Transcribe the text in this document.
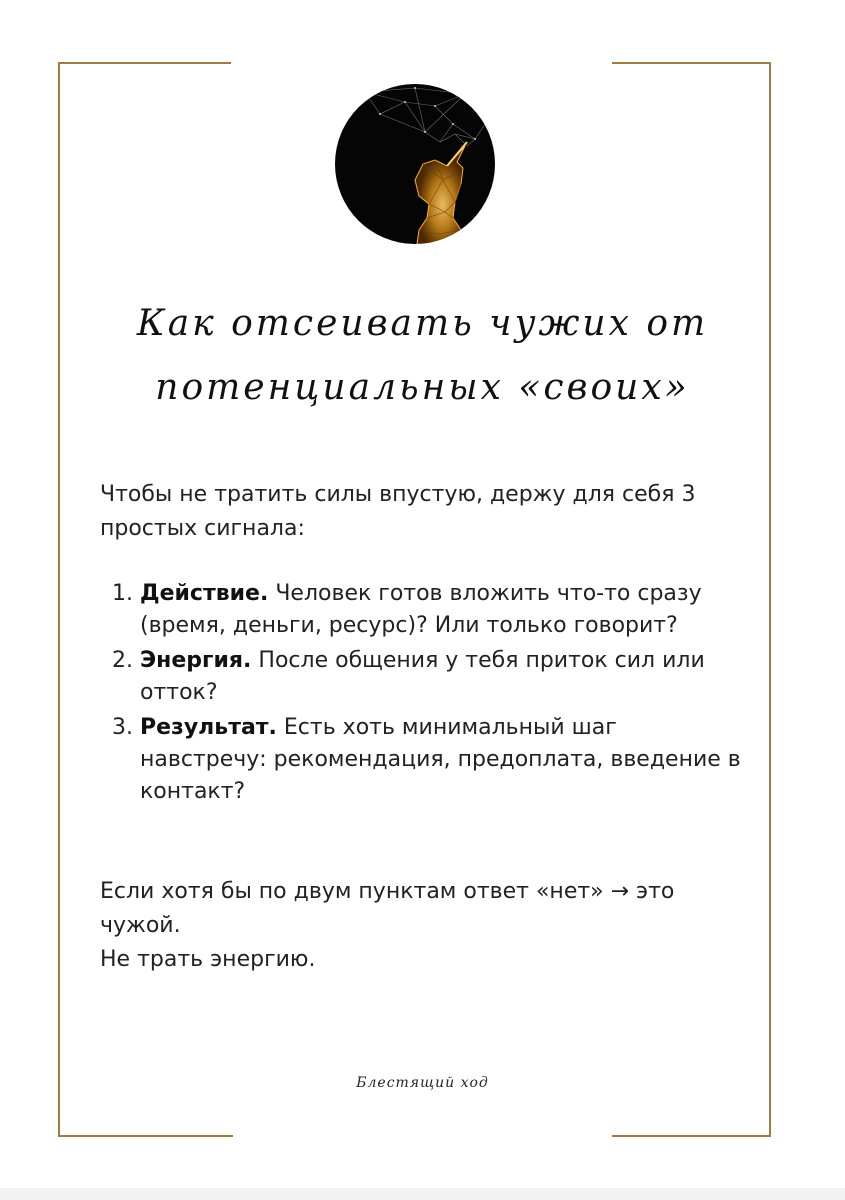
Как отсеивать чужих от
потенциальных «своих»
Чтобы не тратить силы впустую, держу для себя 3
простых сигнала:
1. Действие. Человек готов вложить что-то сразу (время, деньги, ресурс)? Или только говорит?
2. Энергия. После общения у тебя приток сил или отток?
3. Результат. Есть хоть минимальный шаг навстречу: рекомендация, предоплата, введение в контакт?
Если хотя бы по двум пунктам ответ «нет» → это
чужой.
Не трать энергию.
Блестящий ход
